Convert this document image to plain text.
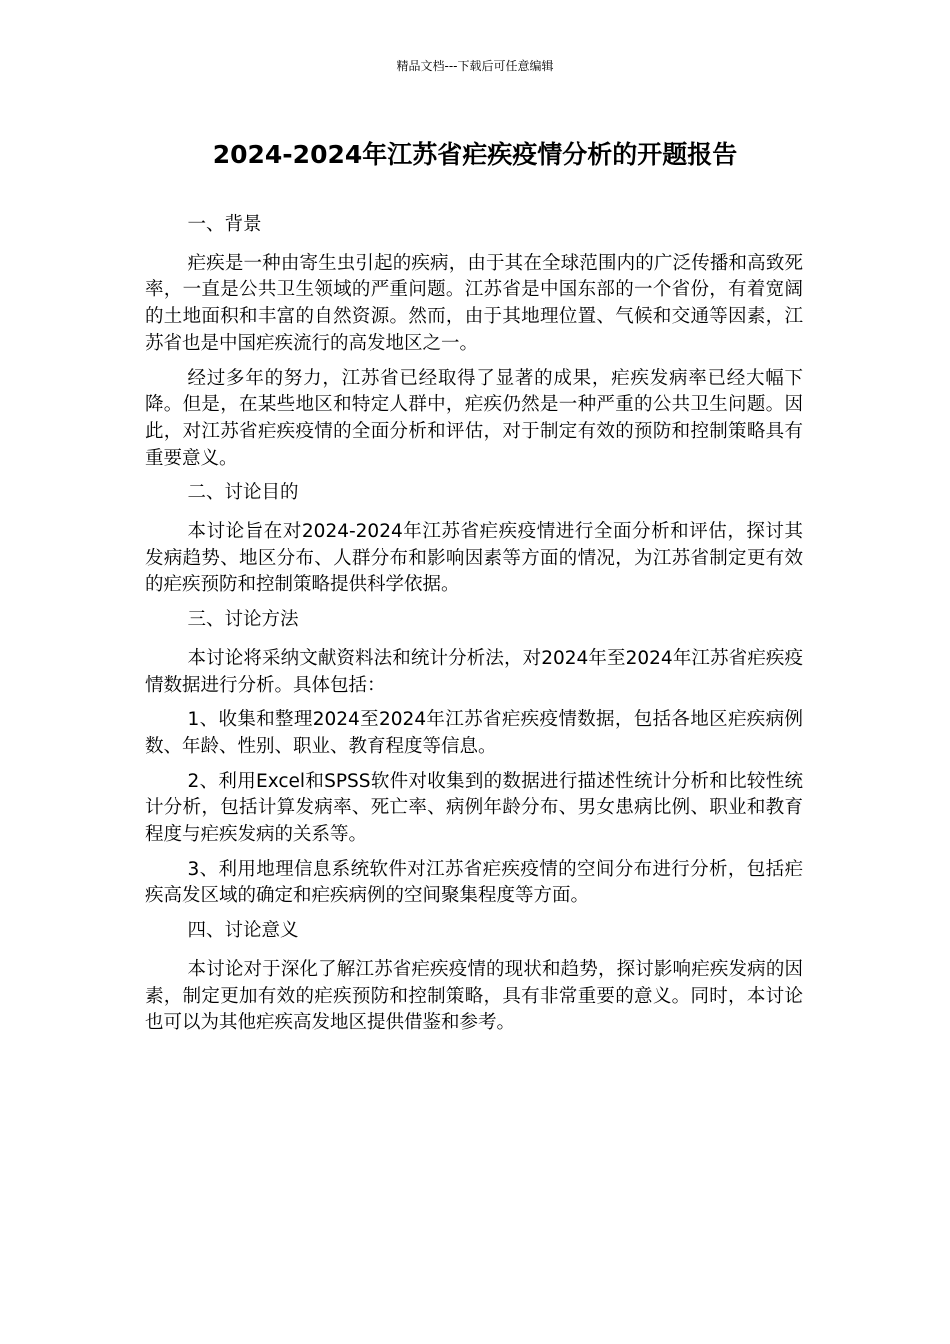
精品文档---下载后可任意编辑
2024-2024年江苏省疟疾疫情分析的开题报告

一、背景

疟疾是一种由寄生虫引起的疾病，由于其在全球范围内的广泛传播和高致死率，一直是公共卫生领域的严重问题。江苏省是中国东部的一个省份，有着宽阔的土地面积和丰富的自然资源。然而，由于其地理位置、气候和交通等因素，江苏省也是中国疟疾流行的高发地区之一。

经过多年的努力，江苏省已经取得了显著的成果，疟疾发病率已经大幅下降。但是，在某些地区和特定人群中，疟疾仍然是一种严重的公共卫生问题。因此，对江苏省疟疾疫情的全面分析和评估，对于制定有效的预防和控制策略具有重要意义。

二、讨论目的

本讨论旨在对2024-2024年江苏省疟疾疫情进行全面分析和评估，探讨其发病趋势、地区分布、人群分布和影响因素等方面的情况，为江苏省制定更有效的疟疾预防和控制策略提供科学依据。

三、讨论方法

本讨论将采纳文献资料法和统计分析法，对2024年至2024年江苏省疟疾疫情数据进行分析。具体包括：

1、收集和整理2024至2024年江苏省疟疾疫情数据，包括各地区疟疾病例数、年龄、性别、职业、教育程度等信息。

2、利用Excel和SPSS软件对收集到的数据进行描述性统计分析和比较性统计分析，包括计算发病率、死亡率、病例年龄分布、男女患病比例、职业和教育程度与疟疾发病的关系等。

3、利用地理信息系统软件对江苏省疟疾疫情的空间分布进行分析，包括疟疾高发区域的确定和疟疾病例的空间聚集程度等方面。

四、讨论意义

本讨论对于深化了解江苏省疟疾疫情的现状和趋势，探讨影响疟疾发病的因素，制定更加有效的疟疾预防和控制策略，具有非常重要的意义。同时，本讨论也可以为其他疟疾高发地区提供借鉴和参考。
